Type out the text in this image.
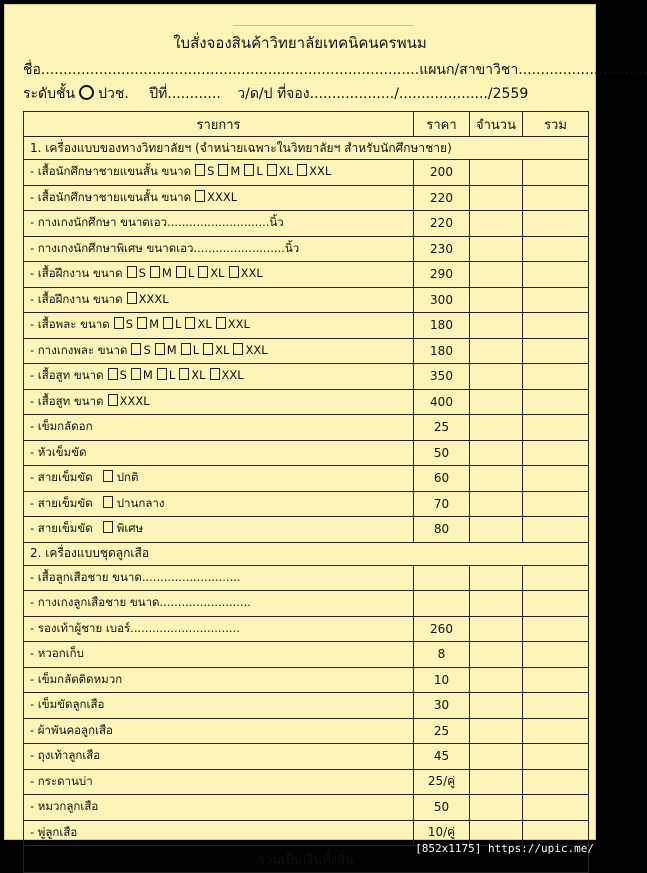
ใบสั่งจองสินค้าวิทยาลัยเทคนิคนครพนม
ชื่อ.....................................................................................แผนก/สาขาวิชา.............................
ระดับชั้น ปวช. ปีที่............ ว/ด/ป ที่จอง.................../..................../2559
รายการ	ราคา	จำนวน	รวม
1. เครื่องแบบของทางวิทยาลัยฯ (จำหน่ายเฉพาะในวิทยาลัยฯ สำหรับนักศึกษาชาย)			
- เสื้อนักศึกษาชายแขนสั้น ขนาด S M L XL XXL	200		
- เสื้อนักศึกษาชายแขนสั้น ขนาด XXXL	220		
- กางเกงนักศึกษา ขนาดเอว............................นิ้ว	220		
- กางเกงนักศึกษาพิเศษ ขนาดเอว.........................นิ้ว	230		
- เสื้อฝึกงาน ขนาด S M L XL XXL	290		
- เสื้อฝึกงาน ขนาด XXXL	300		
- เสื้อพละ ขนาด S M L XL XXL	180		
- กางเกงพละ ขนาด S M L XL XXL	180		
- เสื้อสูท ขนาด S M L XL XXL	350		
- เสื้อสูท ขนาด XXXL	400		
- เข็มกลัดอก	25		
- หัวเข็มขัด	50		
- สายเข็มขัด ปกติ	60		
- สายเข็มขัด ปานกลาง	70		
- สายเข็มขัด พิเศษ	80		
2. เครื่องแบบชุดลูกเสือ			
- เสื้อลูกเสือชาย ขนาด...........................			
- กางเกงลูกเสือชาย ขนาด.........................			
- รองเท้าผู้ชาย เบอร์..............................	260		
- หวอกเก็บ	8		
- เข็มกลัดติดหมวก	10		
- เข็มขัดลูกเสือ	30		
- ผ้าพันคอลูกเสือ	25		
- ถุงเท้าลูกเสือ	45		
- กระดานบ่า	25/คู่		
- หมวกลูกเสือ	50		
- พู่ลูกเสือ	10/คู่		
รวมเป็นเงินทั้งสิ้น			
[852x1175] https://upic.me/
